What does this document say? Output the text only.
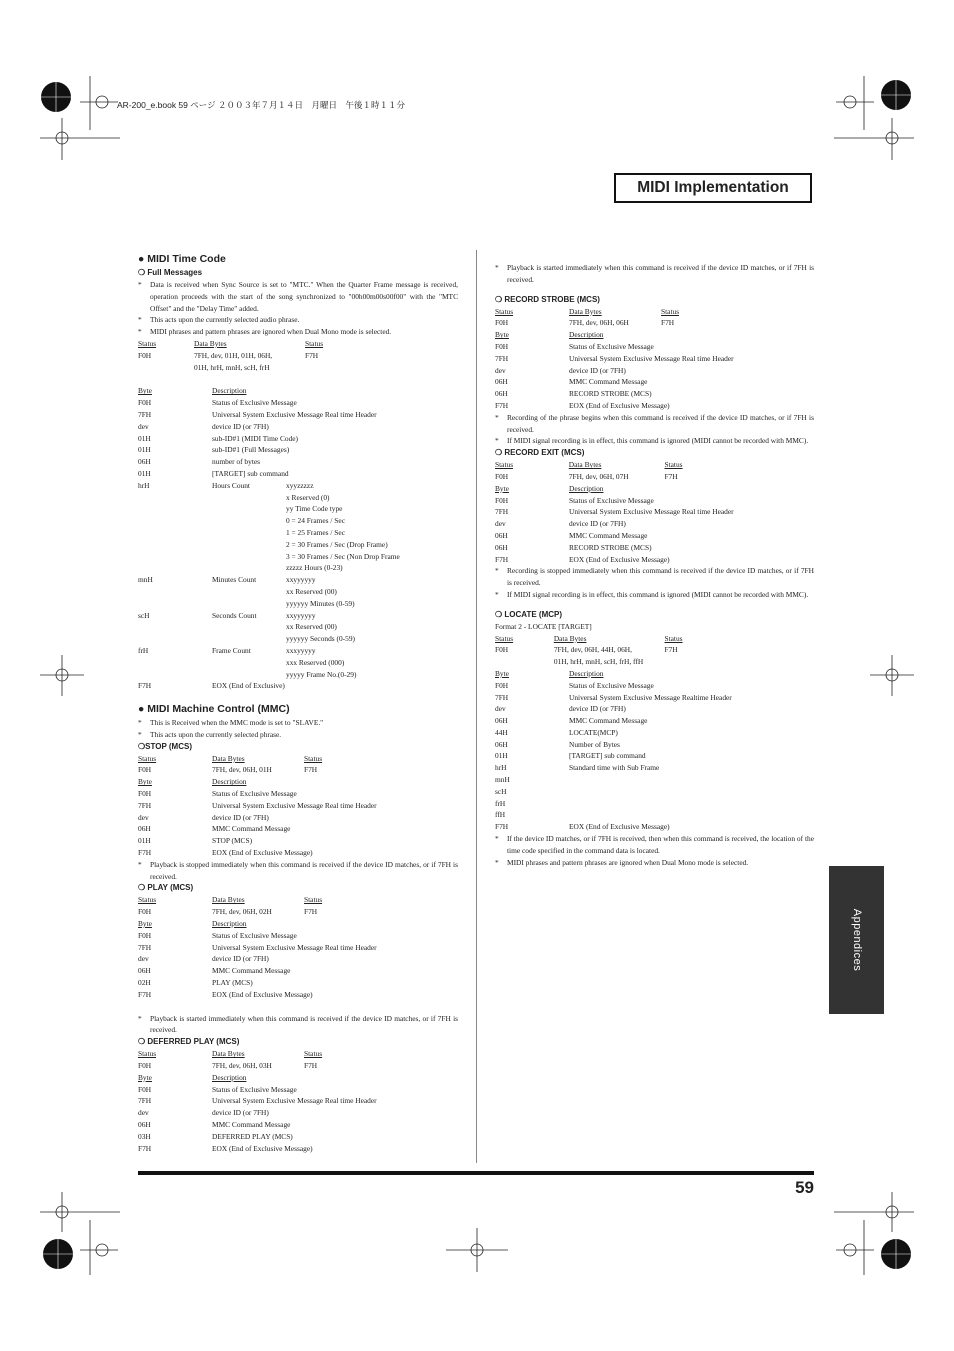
AR-200_e.book 59 ページ ２００３年７月１４日　月曜日　午後１時１１分
MIDI Implementation
59
Appendices
● MIDI Time Code
❍ Full Messages
*	Data is received when Sync Source is set to "MTC." When the Quarter Frame message is received, operation proceeds with the start of the song synchronized to "00h00m00s00f00" with the "MTC Offset" and the "Delay Time" added.
*	This acts upon the currently selected audio phrase.
*	MIDI phrases and pattern phrases are ignored when Dual Mono mode is selected.
Status	Data Bytes	Status
F0H	7FH, dev, 01H, 01H, 06H,	F7H
01H, hrH, mnH, scH, frH
Byte	Description
F0H	Status of Exclusive Message
7FH	Universal System Exclusive Message Real time Header
dev	device ID (or 7FH)
01H	sub-ID#1 (MIDI Time Code)
01H	sub-ID#1 (Full Messages)
06H	number of bytes
01H	[TARGET] sub command
hrH	Hours Count	xyyzzzzz
x Reserved (0)
yy Time Code type
0 = 24 Frames / Sec
1 = 25 Frames / Sec
2 = 30 Frames / Sec (Drop Frame)
3 = 30 Frames / Sec (Non Drop Frame
zzzzz Hours (0-23)
mnH	Minutes Count	xxyyyyyy
xx Reserved (00)
yyyyyy Minutes (0-59)
scH	Seconds Count	xxyyyyyy
xx Reserved (00)
yyyyyy Seconds (0-59)
frH	Frame Count	xxxyyyyy
xxx Reserved (000)
yyyyy Frame No.(0-29)
F7H	EOX (End of Exclusive)
● MIDI Machine Control (MMC)
*	This is Received when the MMC mode is set to "SLAVE."
*	This acts upon the currently selected phrase.
❍STOP (MCS)
Status	Data Bytes	Status
F0H	7FH, dev, 06H, 01H	F7H
Byte	Description
F0H	Status of Exclusive Message
7FH	Universal System Exclusive Message Real time Header
dev	device ID (or 7FH)
06H	MMC Command Message
01H	STOP (MCS)
F7H	EOX (End of Exclusive Message)
*	Playback is stopped immediately when this command is received if the device ID matches, or if 7FH is received.
❍ PLAY (MCS)
Status	Data Bytes	Status
F0H	7FH, dev, 06H, 02H	F7H
Byte	Description
F0H	Status of Exclusive Message
7FH	Universal System Exclusive Message Real time Header
dev	device ID (or 7FH)
06H	MMC Command Message
02H	PLAY (MCS)
F7H	EOX (End of Exclusive Message)
*	Playback is started immediately when this command is received if the device ID matches, or if 7FH is received.
❍ DEFERRED PLAY (MCS)
Status	Data Bytes	Status
F0H	7FH, dev, 06H, 03H	F7H
Byte	Description
F0H	Status of Exclusive Message
7FH	Universal System Exclusive Message Real time Header
dev	device ID (or 7FH)
06H	MMC Command Message
03H	DEFERRED PLAY (MCS)
F7H	EOX (End of Exclusive Message)
*	Playback is started immediately when this command is received if the device ID matches, or if 7FH is received.
❍ RECORD STROBE (MCS)
Status	Data Bytes	Status
F0H	7FH, dev, 06H, 06H	F7H
Byte	Description
F0H	Status of Exclusive Message
7FH	Universal System Exclusive Message Real time Header
dev	device ID (or 7FH)
06H	MMC Command Message
06H	RECORD STROBE (MCS)
F7H	EOX (End of Exclusive Message)
*	Recording of the phrase begins when this command is received if the device ID matches, or if 7FH is received.
*	If MIDI signal recording is in effect, this command is ignored (MIDI cannot be recorded with MMC).
❍ RECORD EXIT (MCS)
Status	Data Bytes	Status
F0H	7FH, dev, 06H, 07H	F7H
Byte	Description
F0H	Status of Exclusive Message
7FH	Universal System Exclusive Message Real time Header
dev	device ID (or 7FH)
06H	MMC Command Message
06H	RECORD STROBE (MCS)
F7H	EOX (End of Exclusive Message)
*	Recording is stopped immediately when this command is received if the device ID matches, or if 7FH is received.
*	If MIDI signal recording is in effect, this command is ignored (MIDI cannot be recorded with MMC).
❍ LOCATE (MCP)
Format 2 - LOCATE [TARGET]
Status	Data Bytes	Status
F0H	7FH, dev, 06H, 44H, 06H,	F7H
01H, hrH, mnH, scH, frH, ffH
Byte	Description
F0H	Status of Exclusive Message
7FH	Universal System Exclusive Message Realtime Header
dev	device ID (or 7FH)
06H	MMC Command Message
44H	LOCATE(MCP)
06H	Number of Bytes
01H	[TARGET] sub command
hrH	Standard time with Sub Frame
mnH
scH
frH
ffH
F7H	EOX (End of Exclusive Message)
*	If the device ID matches, or if 7FH is received, then when this command is received, the location of the time code specified in the command data is located.
*	MIDI phrases and pattern phrases are ignored when Dual Mono mode is selected.
